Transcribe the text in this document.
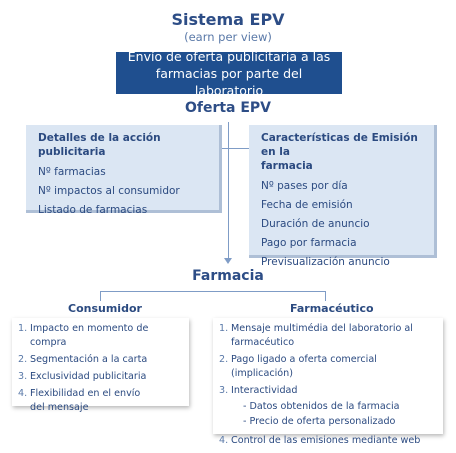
Sistema EPV
(earn per view)
Envío de oferta publicitaria a las
farmacias por parte del laboratorio
Oferta EPV
Detalles de la acción publicitaria
Nº farmacias
Nº impactos al consumidor
Listado de farmacias
Características de Emisión en la
farmacia
Nº pases por día
Fecha de emisión
Duración de anuncio
Pago por farmacia
Previsualización anuncio
Farmacia
Consumidor
1. Impacto en momento de compra
2. Segmentación a la carta
3. Exclusividad publicitaria
4. Flexibilidad en el envío
del mensaje
Farmacéutico
1. Mensaje multimédia del laboratorio al
farmacéutico
2. Pago ligado a oferta comercial (implicación)
3. Interactividad
- Datos obtenidos de la farmacia
- Precio de oferta personalizado
4. Control de las emisiones mediante web
